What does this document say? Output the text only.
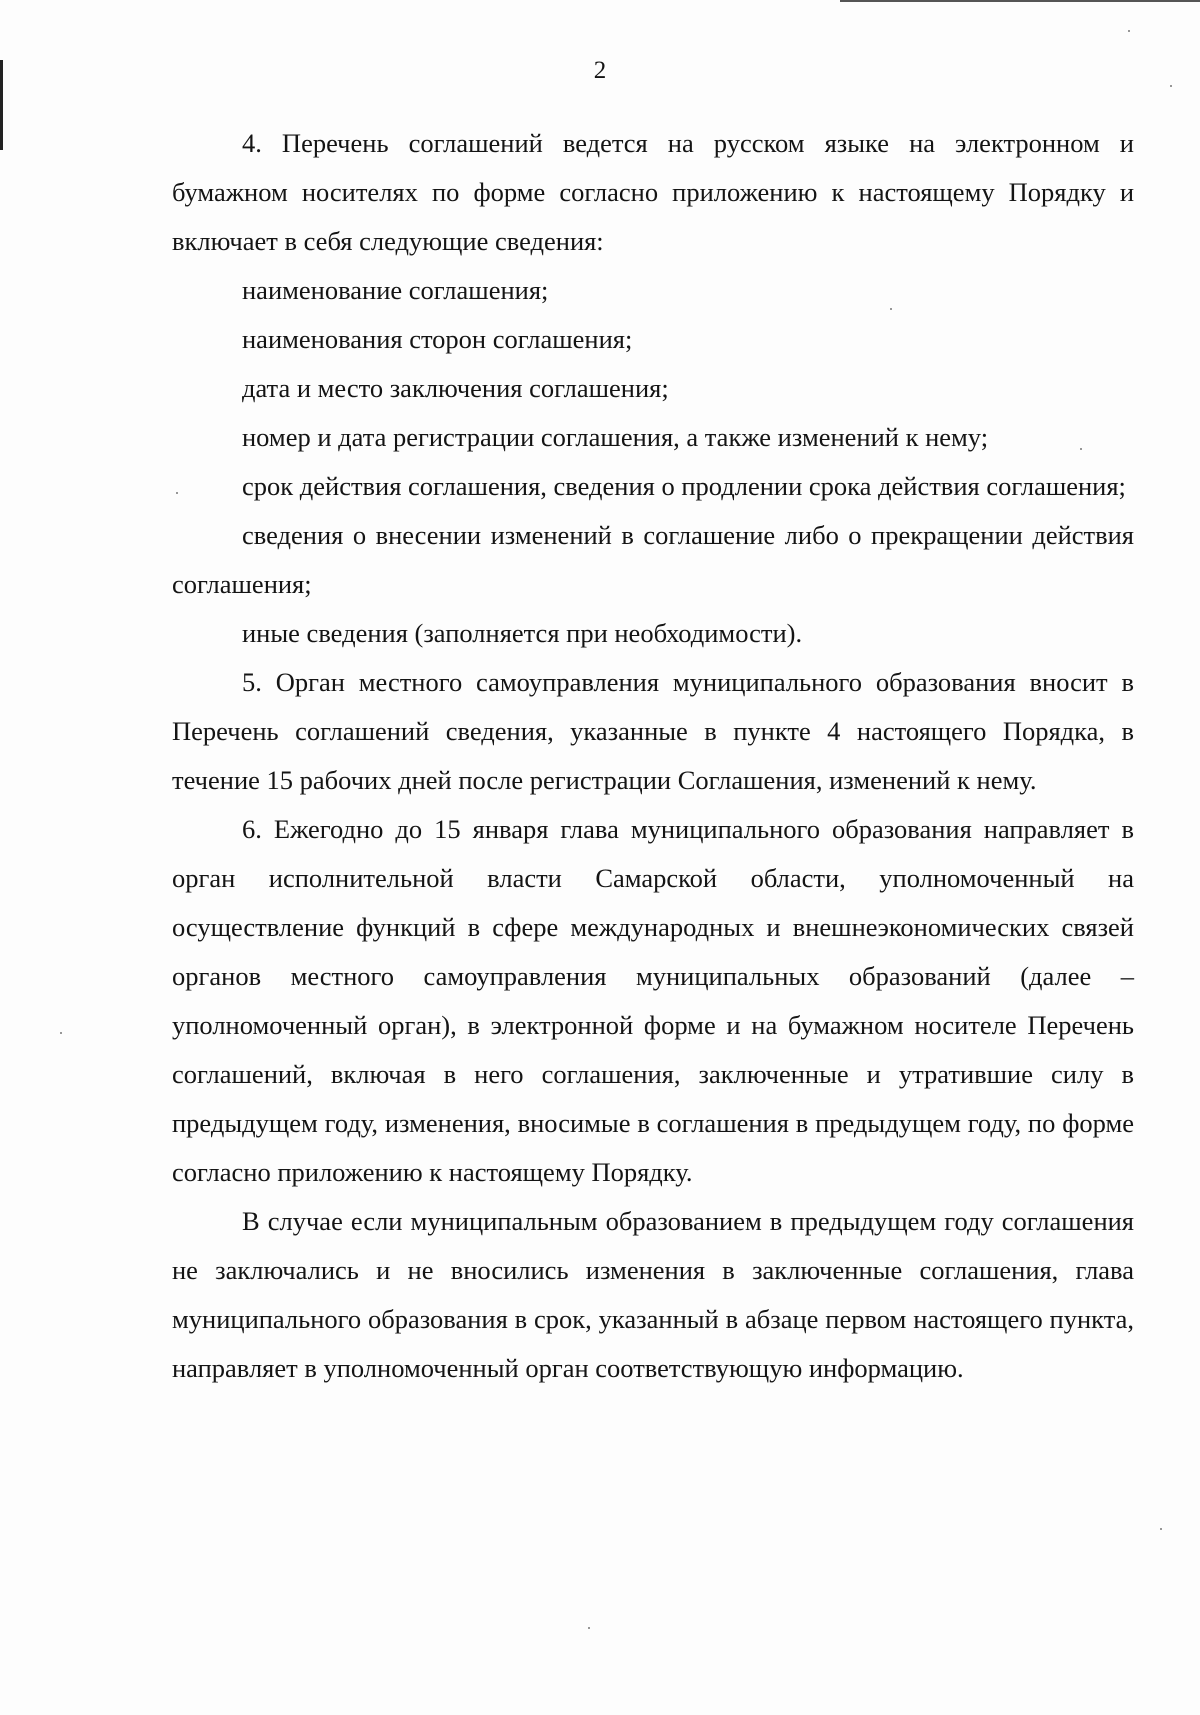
2

4. Перечень соглашений ведется на русском языке на электронном и бумажном носителях по форме согласно приложению к настоящему Порядку и включает в себя следующие сведения:

наименование соглашения;

наименования сторон соглашения;

дата и место заключения соглашения;

номер и дата регистрации соглашения, а также изменений к нему;

срок действия соглашения, сведения о продлении срока действия соглашения;

сведения о внесении изменений в соглашение либо о прекращении действия соглашения;

иные сведения (заполняется при необходимости).

5. Орган местного самоуправления муниципального образования вносит в Перечень соглашений сведения, указанные в пункте 4 настоящего Порядка, в течение 15 рабочих дней после регистрации Соглашения, изменений к нему.

6. Ежегодно до 15 января глава муниципального образования направляет в орган исполнительной власти Самарской области, уполномоченный на осуществление функций в сфере международных и внешнеэкономических связей органов местного самоуправления муниципальных образований (далее – уполномоченный орган), в электронной форме и на бумажном носителе Перечень соглашений, включая в него соглашения, заключенные и утратившие силу в предыдущем году, изменения, вносимые в соглашения в предыдущем году, по форме согласно приложению к настоящему Порядку.

В случае если муниципальным образованием в предыдущем году соглашения не заключались и не вносились изменения в заключенные соглашения, глава муниципального образования в срок, указанный в абзаце первом настоящего пункта, направляет в уполномоченный орган соответствующую информацию.
